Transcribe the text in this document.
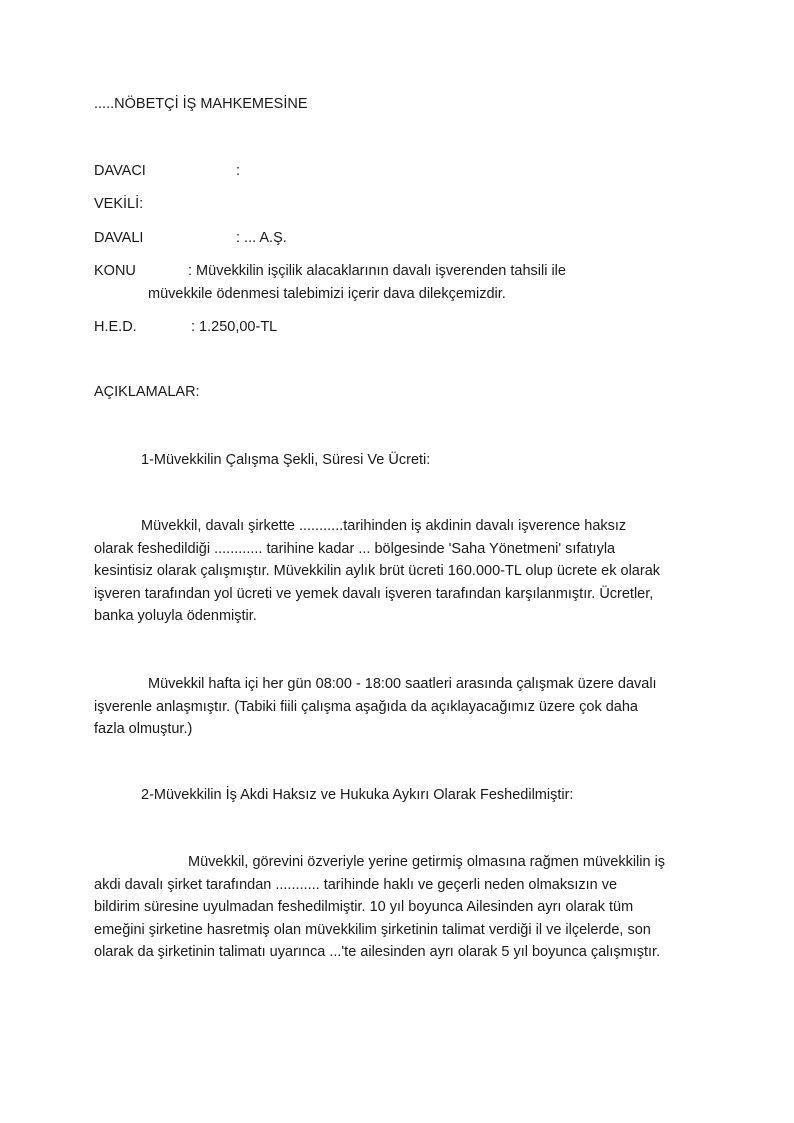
.....NÖBETÇİ İŞ MAHKEMESİNE
DAVACI	:
VEKİLİ:
DAVALI	: ... A.Ş.
KONU	: Müvekkilin işçilik alacaklarının davalı işverenden tahsili ile
müvekkile ödenmesi talebimizi içerir dava dilekçemizdir.
H.E.D.	: 1.250,00-TL
AÇIKLAMALAR:
1-Müvekkilin Çalışma Şekli, Süresi Ve Ücreti:
Müvekkil, davalı şirkette ...........tarihinden iş akdinin davalı işverence haksız
olarak feshedildiği ............ tarihine kadar ... bölgesinde 'Saha Yönetmeni' sıfatıyla
kesintisiz olarak çalışmıştır. Müvekkilin aylık brüt ücreti 160.000-TL olup ücrete ek olarak
işveren tarafından yol ücreti ve yemek davalı işveren tarafından karşılanmıştır. Ücretler,
banka yoluyla ödenmiştir.
Müvekkil hafta içi her gün 08:00 - 18:00 saatleri arasında çalışmak üzere davalı
işverenle anlaşmıştır. (Tabiki fiili çalışma aşağıda da açıklayacağımız üzere çok daha
fazla olmuştur.)
2-Müvekkilin İş Akdi Haksız ve Hukuka Aykırı Olarak Feshedilmiştir:
Müvekkil, görevini özveriyle yerine getirmiş olmasına rağmen müvekkilin iş
akdi davalı şirket tarafından ........... tarihinde haklı ve geçerli neden olmaksızın ve
bildirim süresine uyulmadan feshedilmiştir. 10 yıl boyunca Ailesinden ayrı olarak tüm
emeğini şirketine hasretmiş olan müvekkilim şirketinin talimat verdiği il ve ilçelerde, son
olarak da şirketinin talimatı uyarınca ...'te ailesinden ayrı olarak 5 yıl boyunca çalışmıştır.
